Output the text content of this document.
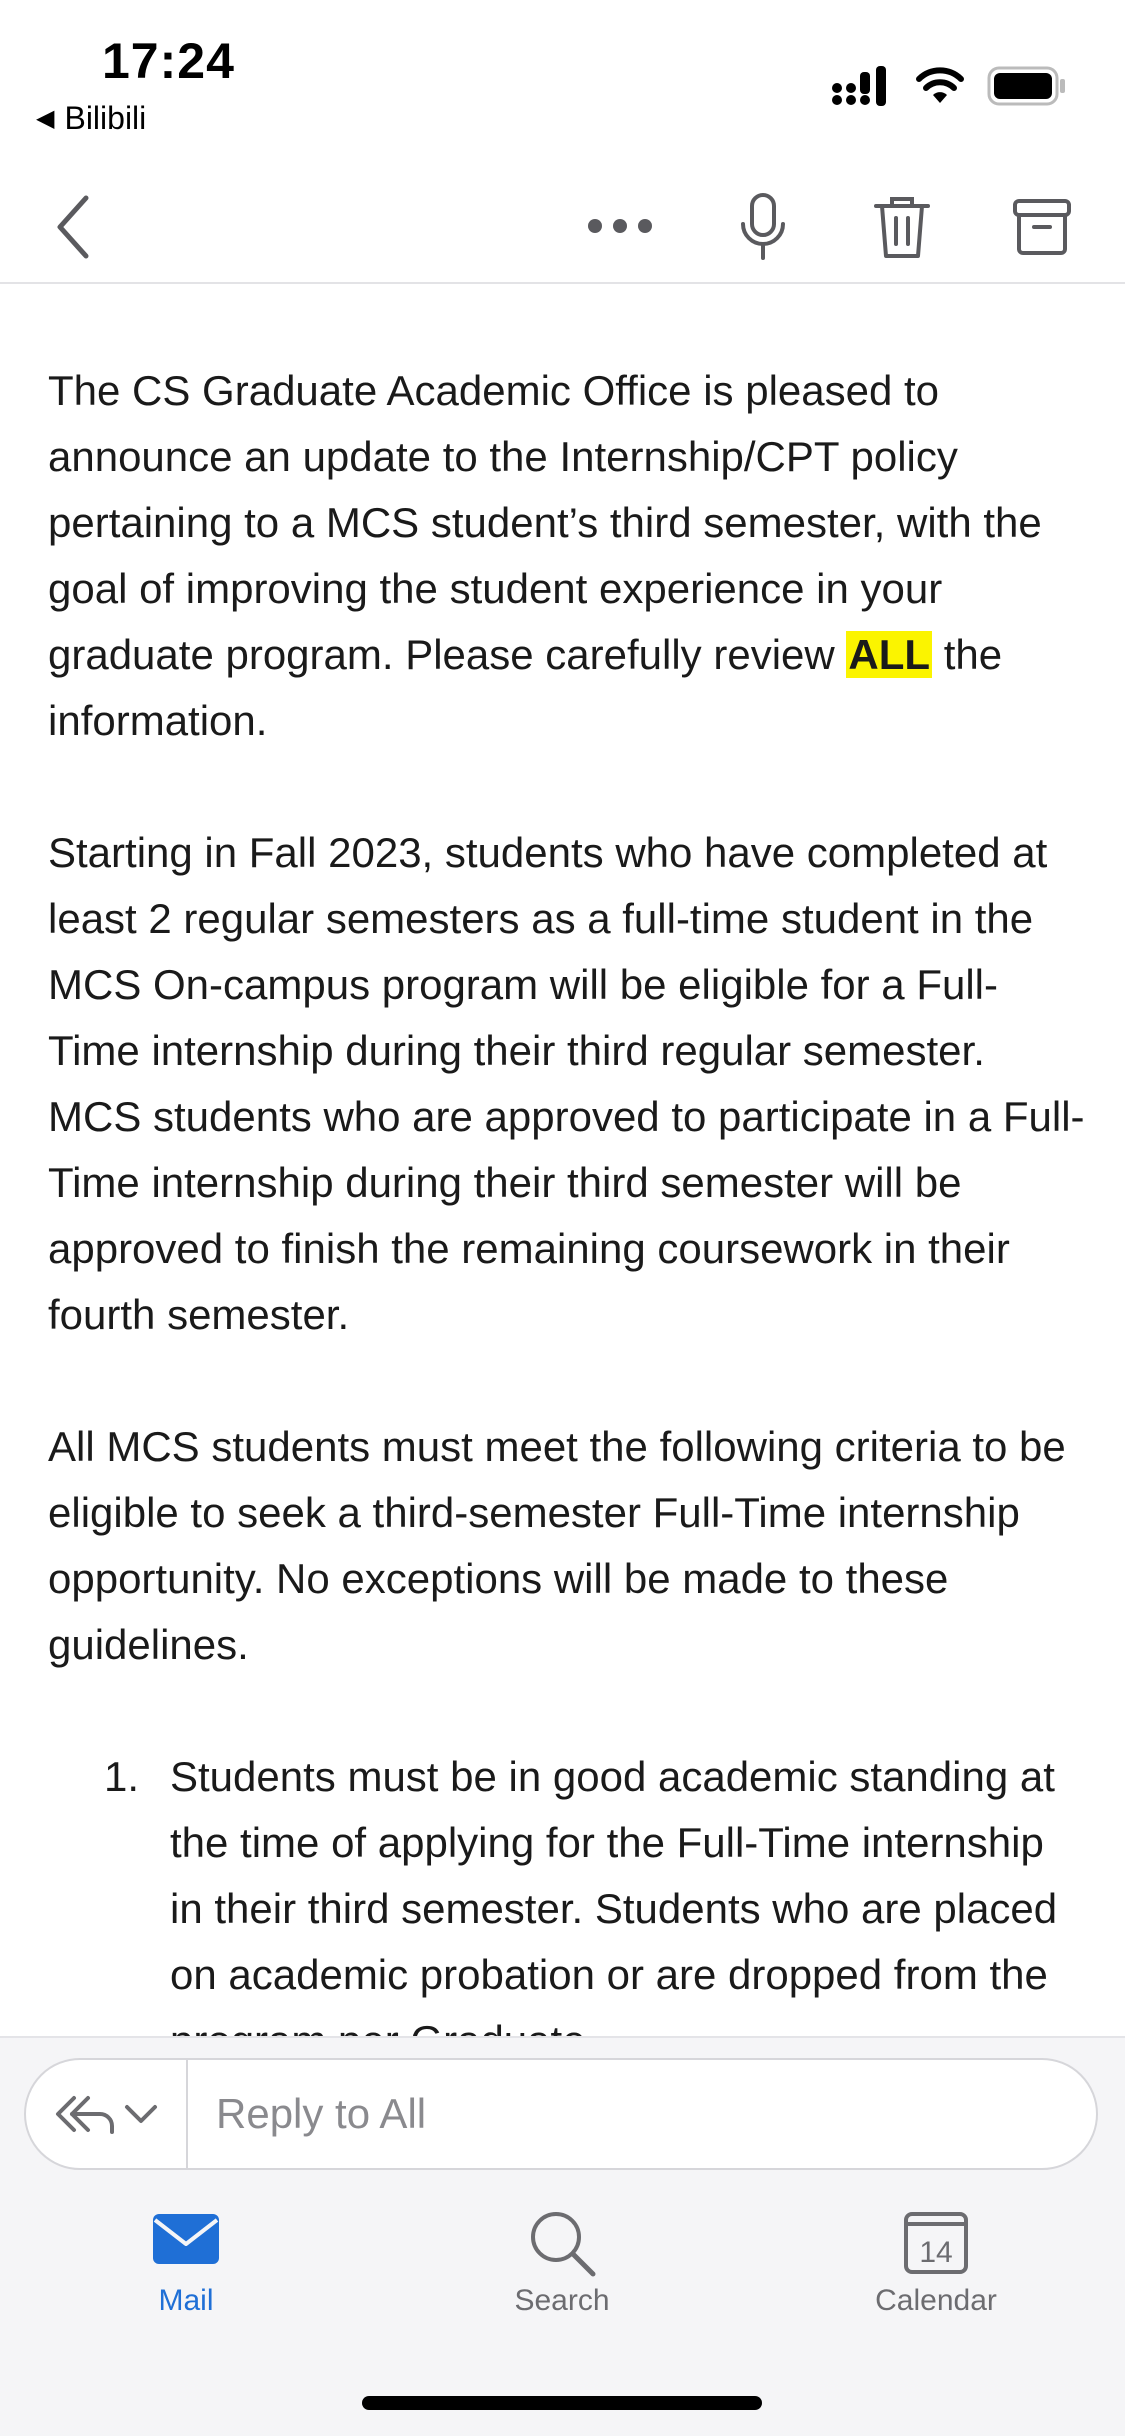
17:24
◀ Bilibili

The CS Graduate Academic Office is pleased to announce an update to the Internship/CPT policy pertaining to a MCS student’s third semester, with the goal of improving the student experience in your graduate program. Please carefully review ALL the information.

Starting in Fall 2023, students who have completed at least 2 regular semesters as a full-time student in the MCS On-campus program will be eligible for a Full-Time internship during their third regular semester. MCS students who are approved to participate in a Full-Time internship during their third semester will be approved to finish the remaining coursework in their fourth semester.

All MCS students must meet the following criteria to be eligible to seek a third-semester Full-Time internship opportunity. No exceptions will be made to these guidelines.

1. Students must be in good academic standing at the time of applying for the Full-Time internship in their third semester. Students who are placed on academic probation or are dropped from the
Reply to All
Mail	Search
14
Calendar
